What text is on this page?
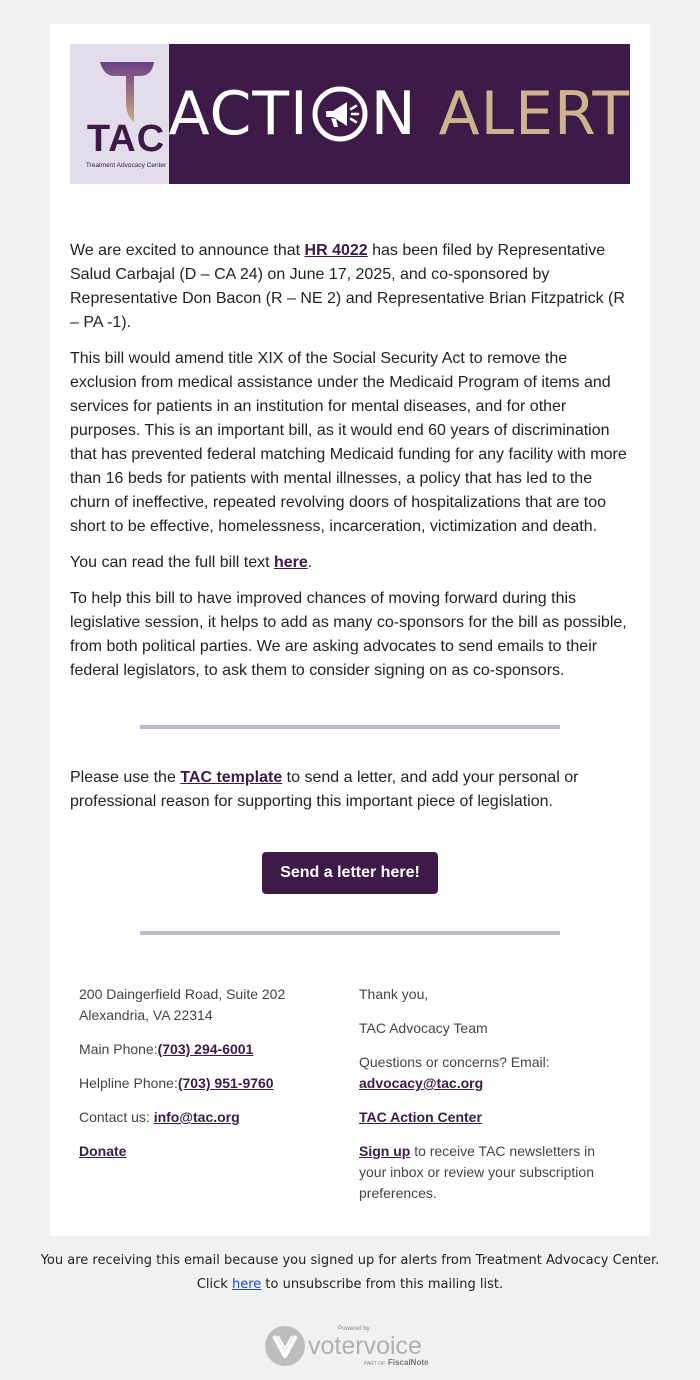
TAC
Treatment Advocacy Center
ACTI N ALERT

We are excited to announce that HR 4022 has been filed by Representative Salud Carbajal (D – CA 24) on June 17, 2025, and co-sponsored by Representative Don Bacon (R – NE 2) and Representative Brian Fitzpatrick (R – PA -1).

This bill would amend title XIX of the Social Security Act to remove the exclusion from medical assistance under the Medicaid Program of items and services for patients in an institution for mental diseases, and for other purposes. This is an important bill, as it would end 60 years of discrimination that has prevented federal matching Medicaid funding for any facility with more than 16 beds for patients with mental illnesses, a policy that has led to the churn of ineffective, repeated revolving doors of hospitalizations that are too short to be effective, homelessness, incarceration, victimization and death.

You can read the full bill text here.

To help this bill to have improved chances of moving forward during this legislative session, it helps to add as many co-sponsors for the bill as possible, from both political parties. We are asking advocates to send emails to their federal legislators, to ask them to consider signing on as co-sponsors.

Please use the TAC template to send a letter, and add your personal or professional reason for supporting this important piece of legislation.
Send a letter here!

200 Daingerfield Road, Suite 202
Alexandria, VA 22314

Main Phone:(703) 294-6001

Helpline Phone:(703) 951-9760

Contact us: info@tac.org

Donate

Thank you,

TAC Advocacy Team

Questions or concerns? Email:
advocacy@tac.org

TAC Action Center

Sign up to receive TAC newsletters in your inbox or review your subscription preferences.

You are receiving this email because you signed up for alerts from Treatment Advocacy Center.
Click here to unsubscribe from this mailing list.
Powered by
votervoice
PART OF FiscalNote
